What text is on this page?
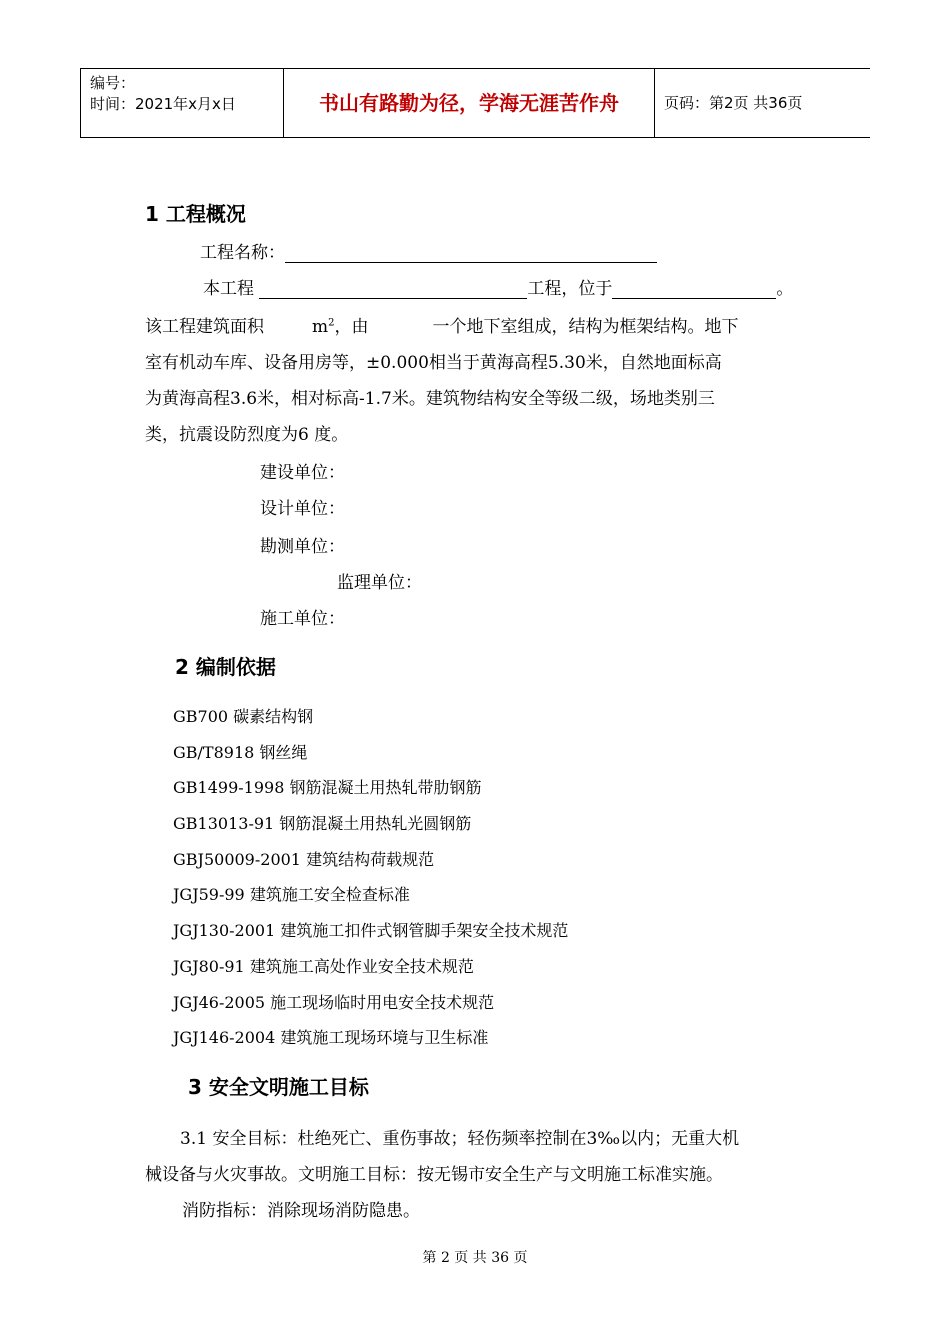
编号：
时间：2021年x月x日	书山有路勤为径，学海无涯苦作舟	页码：第2页 共36页
1 工程概况
工程名称：
本工程	工程，位于	。
该工程建筑面积	$m^2$，由	一个地下室组成，结构为框架结构。地下
室有机动车库、设备用房等，±0.000相当于黄海高程5.30米，自然地面标高
为黄海高程3.6米，相对标高-1.7米。建筑物结构安全等级二级，场地类别三
类，抗震设防烈度为6 度。
建设单位：
设计单位：
勘测单位：
监理单位：
施工单位：
2 编制依据
GB700 碳素结构钢
GB/T8918 钢丝绳
GB1499-1998 钢筋混凝土用热轧带肋钢筋
GB13013-91 钢筋混凝土用热轧光圆钢筋
GBJ50009-2001 建筑结构荷载规范
JGJ59-99 建筑施工安全检查标准
JGJ130-2001 建筑施工扣件式钢管脚手架安全技术规范
JGJ80-91 建筑施工高处作业安全技术规范
JGJ46-2005 施工现场临时用电安全技术规范
JGJ146-2004 建筑施工现场环境与卫生标准
3 安全文明施工目标
3.1 安全目标：杜绝死亡、重伤事故；轻伤频率控制在3‰以内；无重大机
械设备与火灾事故。文明施工目标：按无锡市安全生产与文明施工标准实施。
消防指标：消除现场消防隐患。
第 2 页 共 36 页
